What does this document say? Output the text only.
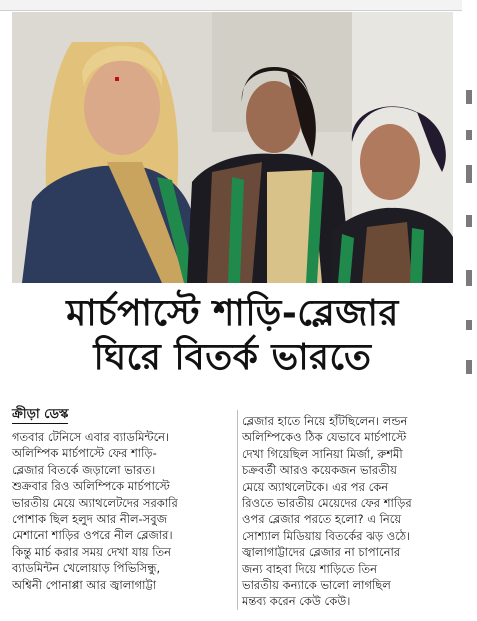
মার্চপাস্টে শাড়ি-ব্লেজার
ঘিরে বিতর্ক ভারতে
ক্রীড়া ডেস্ক
গতবার টেনিসে এবার ব্যাডমিন্টনে।
অলিম্পিক মার্চপাস্টে ফের শাড়ি-
ব্লেজার বিতর্কে জড়ালো ভারত।
শুক্রবার রিও অলিম্পিকে মার্চপাস্টে
ভারতীয় মেয়ে অ্যাথলেটদের সরকারি
পোশাক ছিল হলুদ আর নীল-সবুজ
মেশানো শাড়ির ওপরে নীল ব্লেজার।
কিন্তু মার্চ করার সময় দেখা যায় তিন
ব্যাডমিন্টন খেলোয়াড় পিভিসিন্ধু,
অশ্বিনী পোনাপ্পা আর জ্বালাগাট্টা
ব্লেজার হাতে নিয়ে হাঁটছিলেন। লন্ডন
অলিম্পিকেও ঠিক যেভাবে মার্চপাস্টে
দেখা গিয়েছিল সানিয়া মির্জা, রুশমী
চক্রবর্তী আরও কয়েকজন ভারতীয়
মেয়ে অ্যাথলেটকে। এর পর কেন
রিওতে ভারতীয় মেয়েদের ফের শাড়ির
ওপর ব্লেজার পরতে হলো? এ নিয়ে
সোশ্যাল মিডিয়ায় বিতর্কের ঝড় ওঠে।
জ্বালাগাট্টাদের ব্লেজার না চাপানোর
জন্য বাহবা দিয়ে শাড়িতে তিন
ভারতীয় কন্যাকে ভালো লাগছিল
মন্তব্য করেন কেউ কেউ।
